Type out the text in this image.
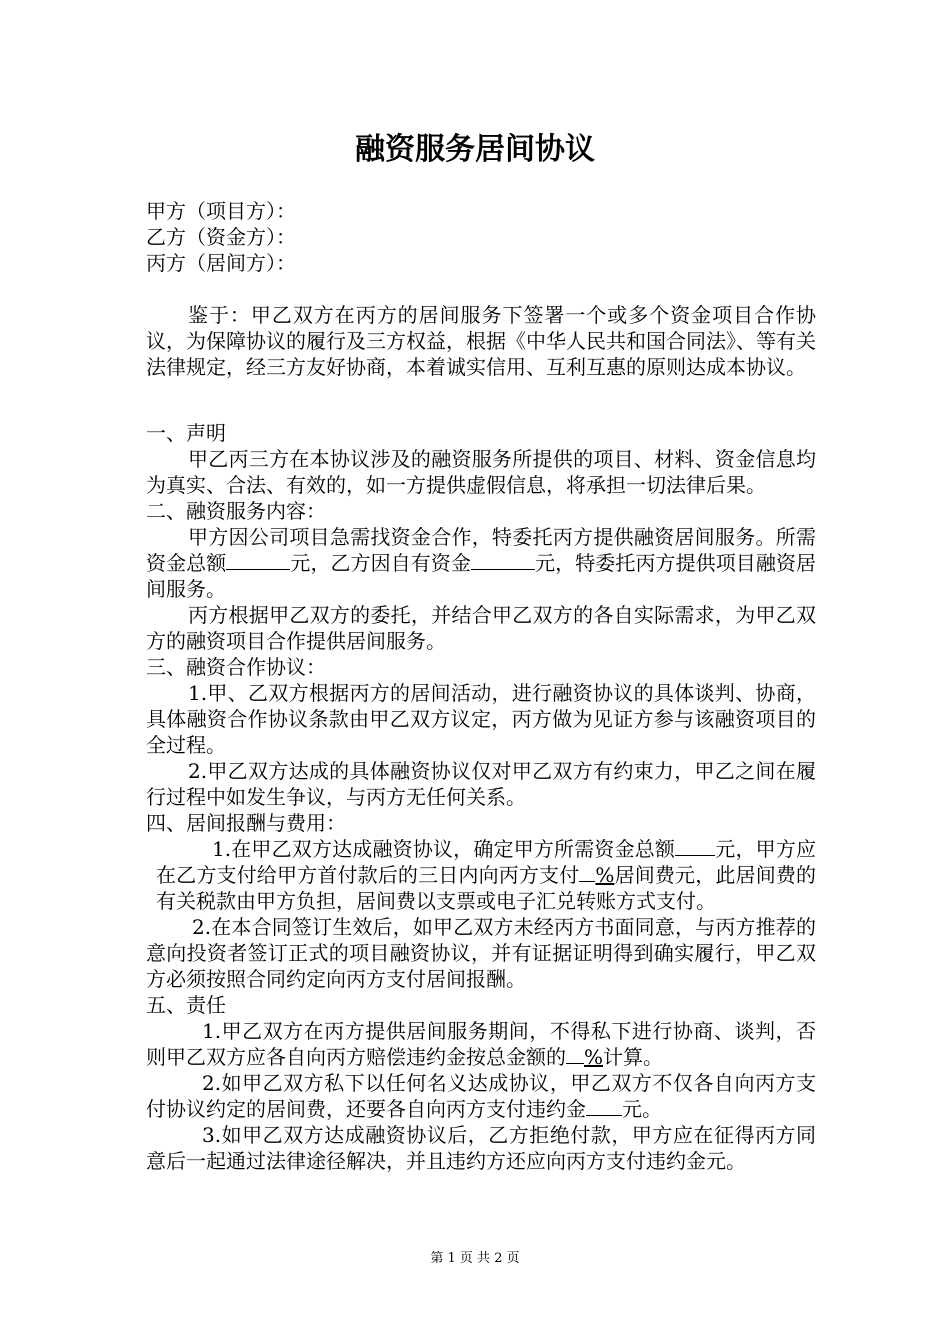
融资服务居间协议

甲方（项目方）：

乙方（资金方）：

丙方（居间方）：

鉴于：甲乙双方在丙方的居间服务下签署一个或多个资金项目合作协议，为保障协议的履行及三方权益，根据《中华人民共和国合同法》、等有关法律规定，经三方友好协商，本着诚实信用、互利互惠的原则达成本协议。

一、声明

甲乙丙三方在本协议涉及的融资服务所提供的项目、材料、资金信息均为真实、合法、有效的，如一方提供虚假信息，将承担一切法律后果。

二、融资服务内容：

甲方因公司项目急需找资金合作，特委托丙方提供融资居间服务。所需资金总额	元，乙方因自有资金	元，特委托丙方提供项目融资居间服务。

丙方根据甲乙双方的委托，并结合甲乙双方的各自实际需求，为甲乙双方的融资项目合作提供居间服务。

三、融资合作协议：

1.甲、乙双方根据丙方的居间活动，进行融资协议的具体谈判、协商，具体融资合作协议条款由甲乙双方议定，丙方做为见证方参与该融资项目的全过程。

2.甲乙双方达成的具体融资协议仅对甲乙双方有约束力，甲乙之间在履行过程中如发生争议，与丙方无任何关系。

四、居间报酬与费用：

1.在甲乙双方达成融资协议，确定甲方所需资金总额 元，甲方应在乙方支付给甲方首付款后的三日内向丙方支付 %居间费元，此居间费的有关税款由甲方负担，居间费以支票或电子汇兑转账方式支付。

2.在本合同签订生效后，如甲乙双方未经丙方书面同意，与丙方推荐的意向投资者签订正式的项目融资协议，并有证据证明得到确实履行，甲乙双方必须按照合同约定向丙方支付居间报酬。

五、责任

1.甲乙双方在丙方提供居间服务期间，不得私下进行协商、谈判，否则甲乙双方应各自向丙方赔偿违约金按总金额的 %计算。

2.如甲乙双方私下以任何名义达成协议，甲乙双方不仅各自向丙方支付协议约定的居间费，还要各自向丙方支付违约金 元。

3.如甲乙双方达成融资协议后，乙方拒绝付款，甲方应在征得丙方同意后一起通过法律途径解决，并且违约方还应向丙方支付违约金元。

第 1 页 共 2 页
